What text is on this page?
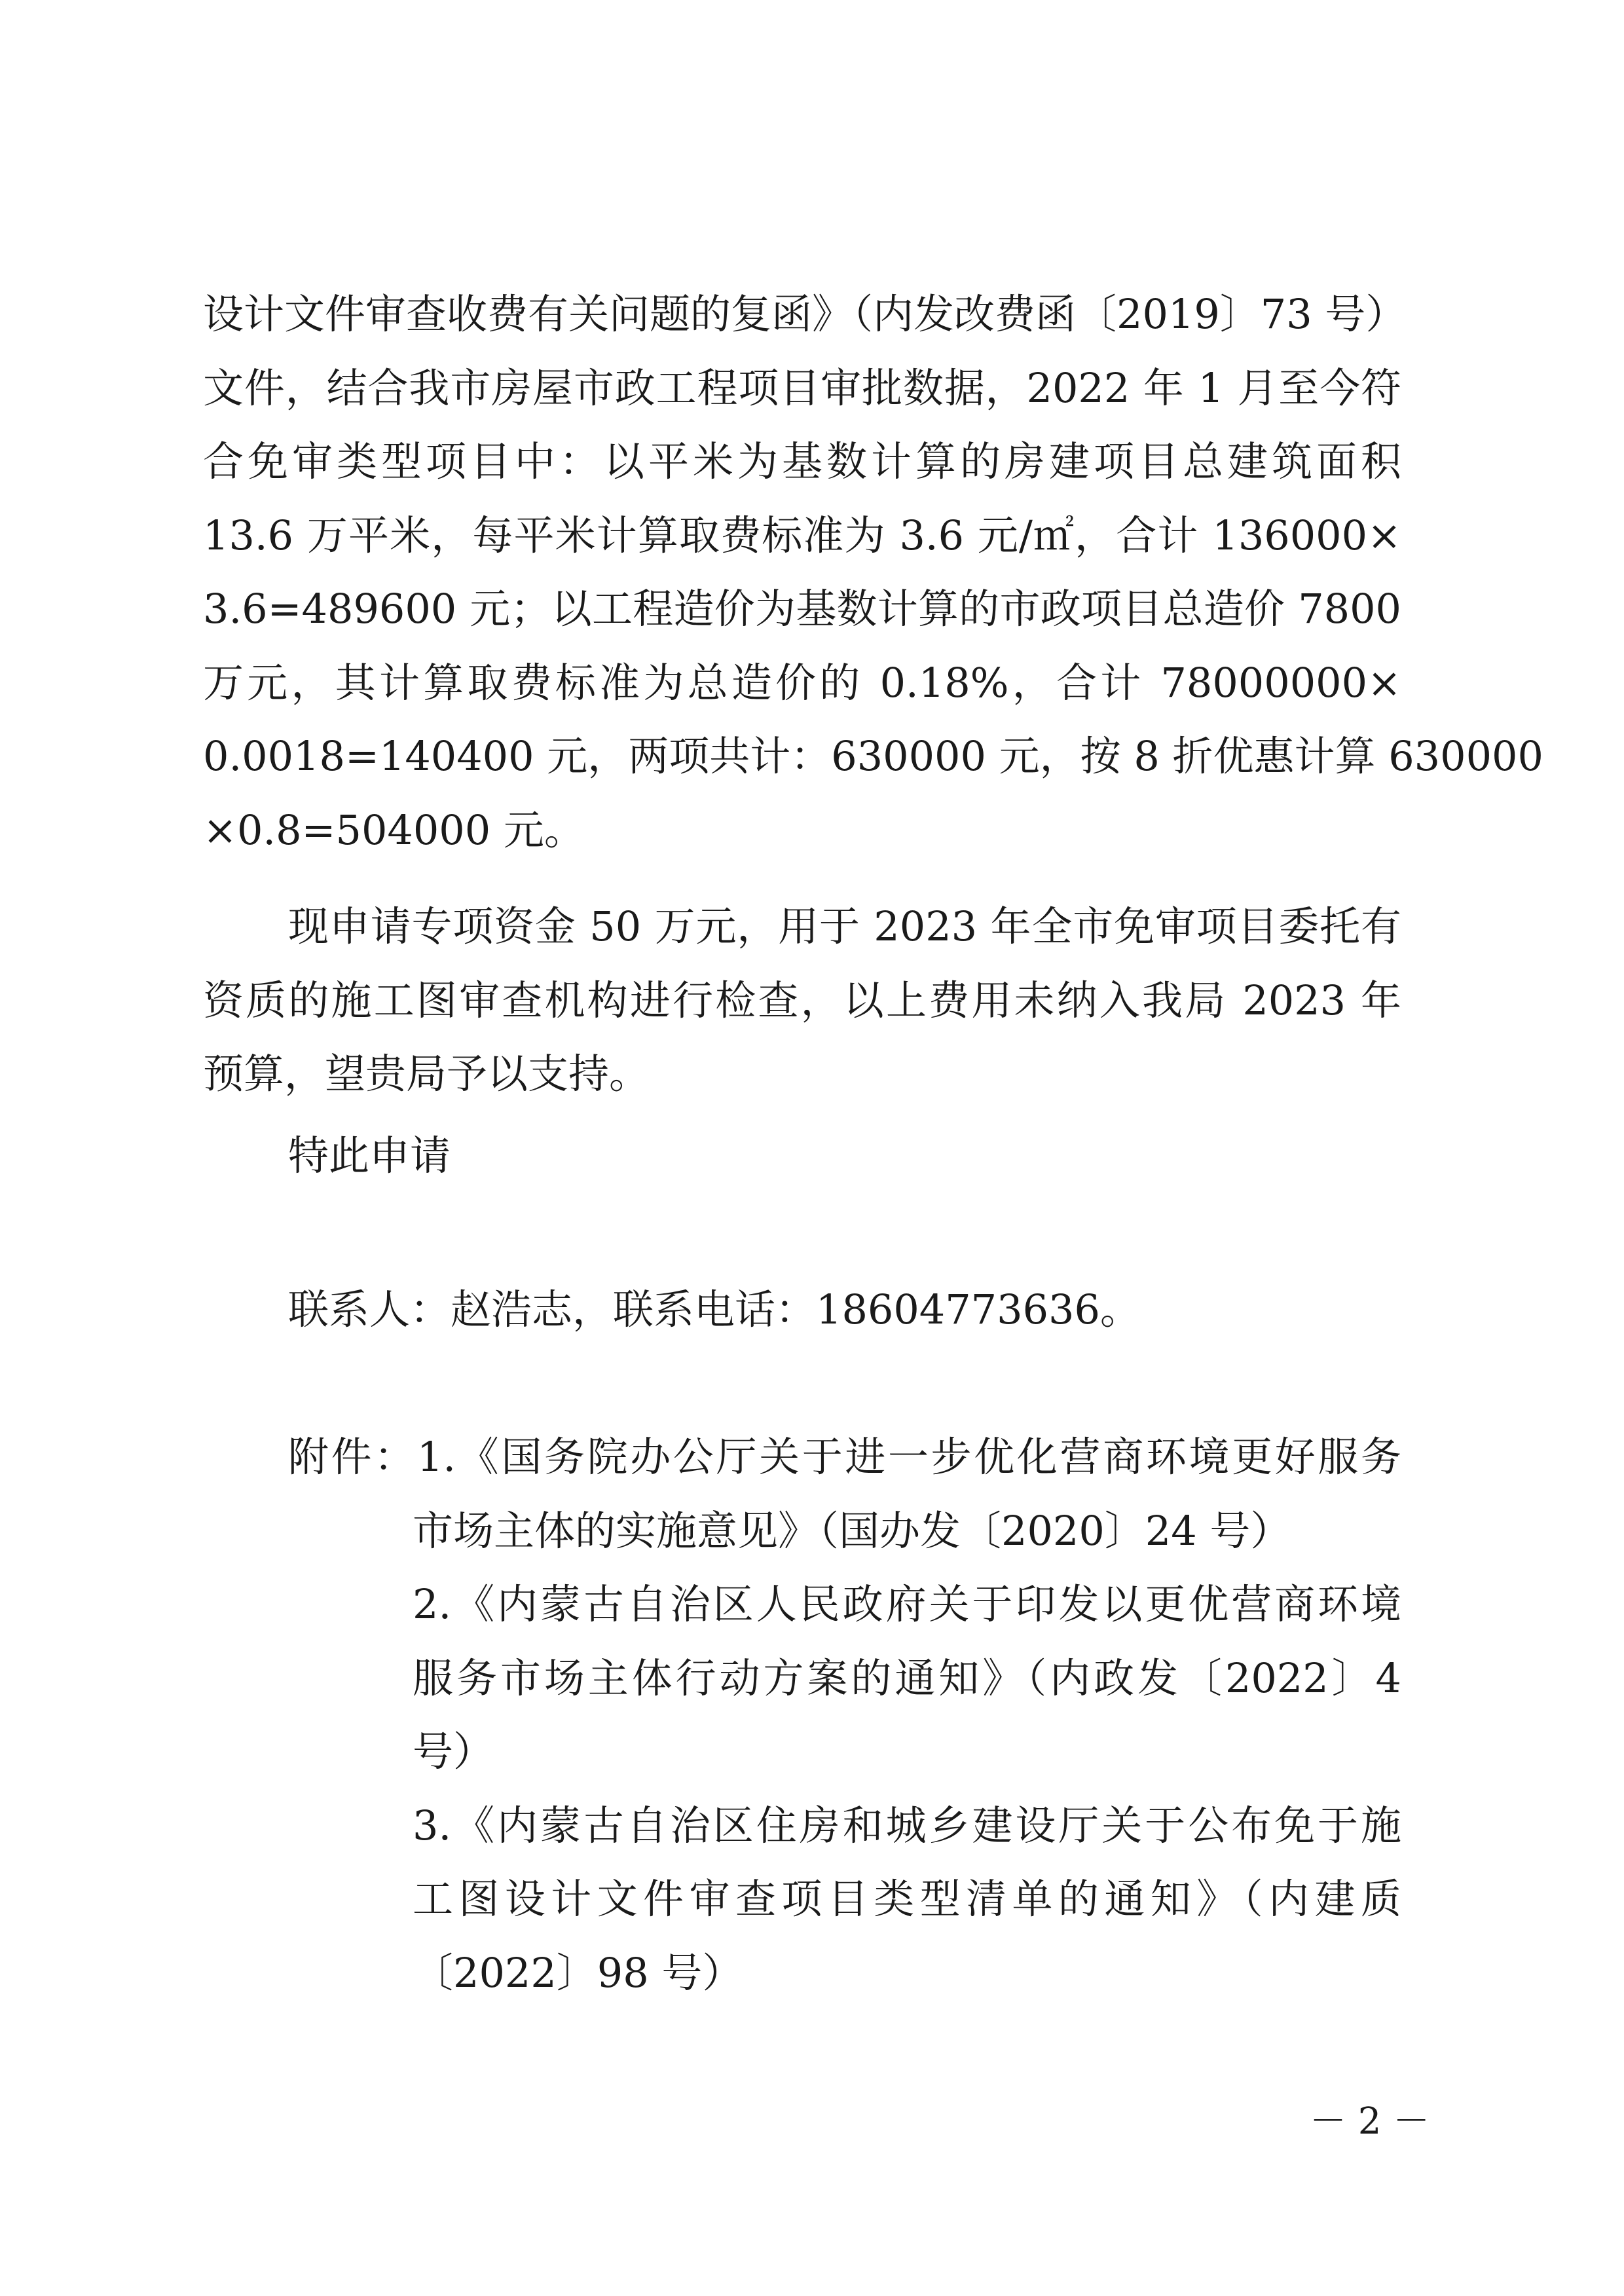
设计文件审查收费有关问题的复函》（内发改费函〔2019〕73 号）
文件，结合我市房屋市政工程项目审批数据，2022 年 1 月至今符
合免审类型项目中：以平米为基数计算的房建项目总建筑面积
13.6 万平米，每平米计算取费标准为 3.6 元/㎡，合计 136000×
3.6=489600 元；以工程造价为基数计算的市政项目总造价 7800
万元，其计算取费标准为总造价的 0.18%，合计 78000000×
0.0018=140400 元，两项共计：630000 元，按 8 折优惠计算 630000
×0.8=504000 元。
现申请专项资金 50 万元，用于 2023 年全市免审项目委托有
资质的施工图审查机构进行检查，以上费用未纳入我局 2023 年
预算，望贵局予以支持。
特此申请
联系人：赵浩志，联系电话：18604773636。
附件：1.《国务院办公厅关于进一步优化营商环境更好服务
市场主体的实施意见》（国办发〔2020〕24 号）
2.《内蒙古自治区人民政府关于印发以更优营商环境
服务市场主体行动方案的通知》（内政发〔2022〕4
号）
3.《内蒙古自治区住房和城乡建设厅关于公布免于施
工图设计文件审查项目类型清单的通知》（内建质
〔2022〕98 号）
－ 2 －
